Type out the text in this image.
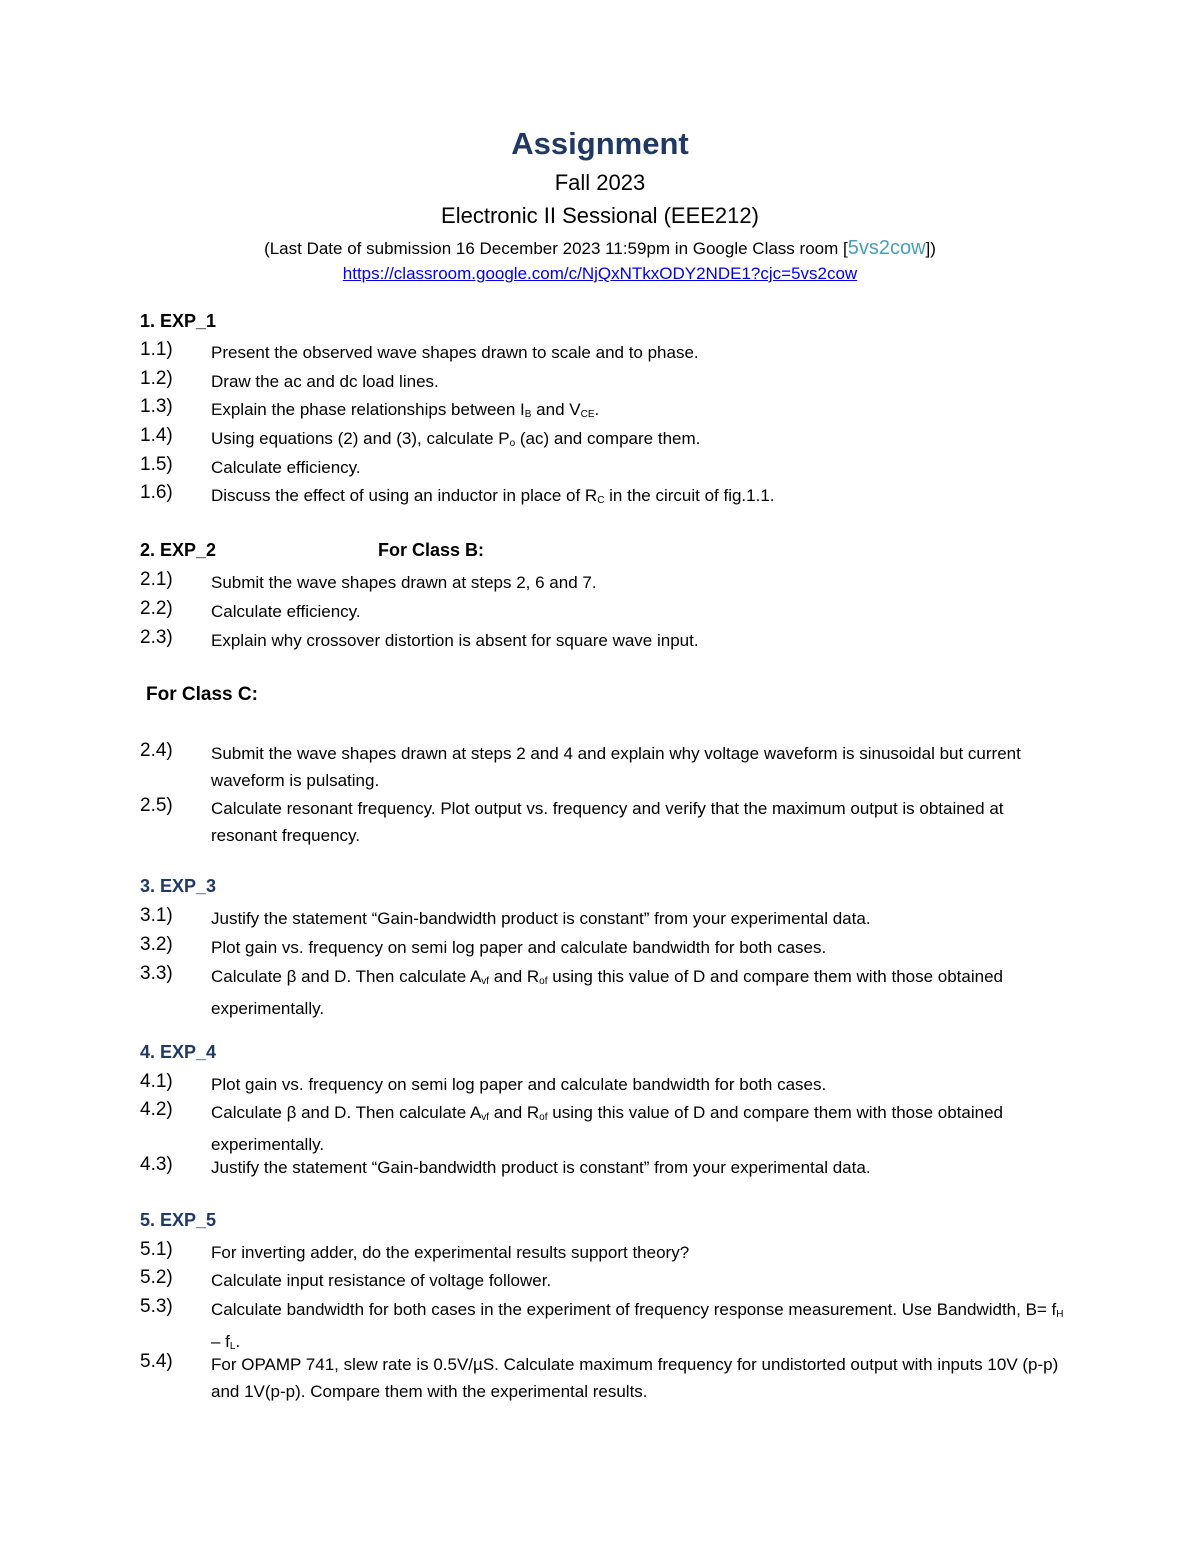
Assignment
Fall 2023
Electronic II Sessional (EEE212)
(Last Date of submission 16 December 2023 11:59pm in Google Class room [5vs2cow])
https://classroom.google.com/c/NjQxNTkxODY2NDE1?cjc=5vs2cow
1. EXP_1
1.1) Present the observed wave shapes drawn to scale and to phase.
1.2) Draw the ac and dc load lines.
1.3) Explain the phase relationships between $I_B$ and $V_{CE}$.
1.4) Using equations (2) and (3), calculate $P_o$ (ac) and compare them.
1.5) Calculate efficiency.
1.6) Discuss the effect of using an inductor in place of $R_C$ in the circuit of fig.1.1.
2. EXP_2	For Class B:
2.1) Submit the wave shapes drawn at steps 2, 6 and 7.
2.2) Calculate efficiency.
2.3) Explain why crossover distortion is absent for square wave input.
For Class C:
2.4) Submit the wave shapes drawn at steps 2 and 4 and explain why voltage waveform is sinusoidal but current waveform is pulsating.
2.5) Calculate resonant frequency. Plot output vs. frequency and verify that the maximum output is obtained at resonant frequency.
3. EXP_3
3.1) Justify the statement “Gain-bandwidth product is constant” from your experimental data.
3.2) Plot gain vs. frequency on semi log paper and calculate bandwidth for both cases.
3.3) Calculate β and D. Then calculate $A_{vf}$ and $R_{of}$ using this value of D and compare them with those obtained experimentally.
4. EXP_4
4.1) Plot gain vs. frequency on semi log paper and calculate bandwidth for both cases.
4.2) Calculate β and D. Then calculate $A_{vf}$ and $R_{of}$ using this value of D and compare them with those obtained experimentally.
4.3) Justify the statement “Gain-bandwidth product is constant” from your experimental data.
5. EXP_5
5.1) For inverting adder, do the experimental results support theory?
5.2) Calculate input resistance of voltage follower.
5.3) Calculate bandwidth for both cases in the experiment of frequency response measurement. Use Bandwidth, $B= f_H - f_L$.
5.4) For OPAMP 741, slew rate is 0.5V/µS. Calculate maximum frequency for undistorted output with inputs 10V (p-p) and 1V(p-p). Compare them with the experimental results.
